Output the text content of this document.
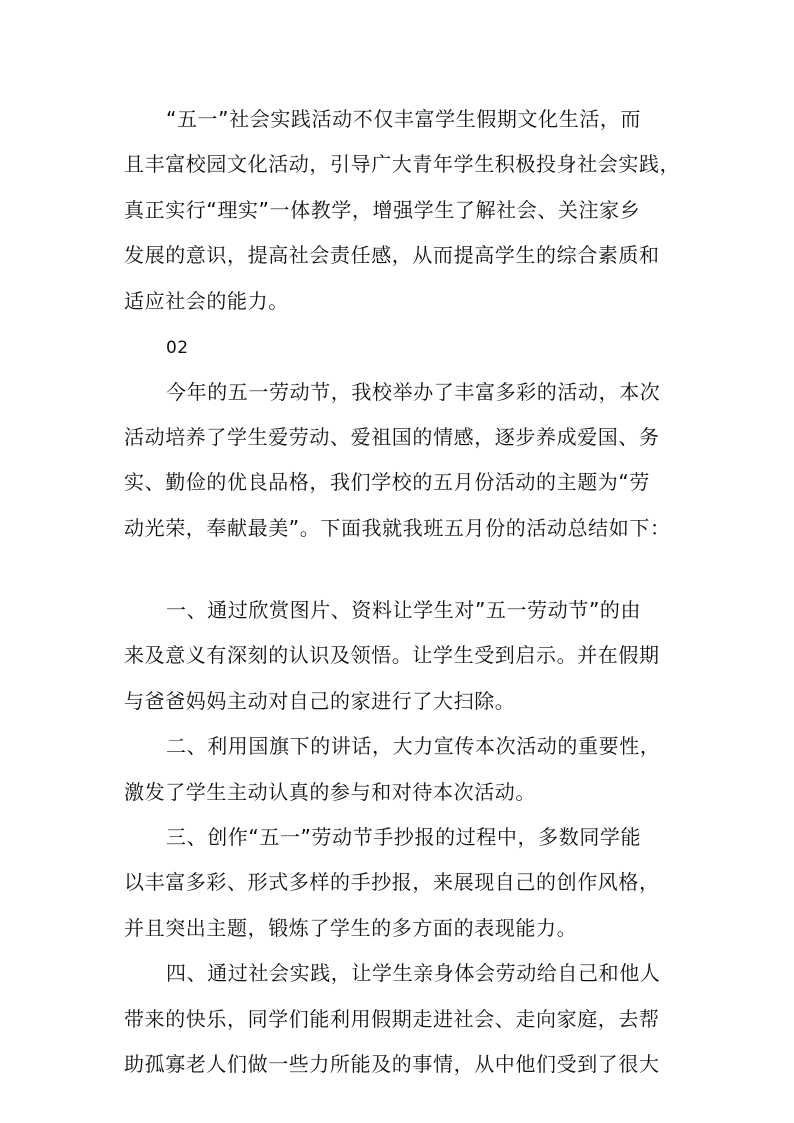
“五一”社会实践活动不仅丰富学生假期文化生活，而
且丰富校园文化活动，引导广大青年学生积极投身社会实践，
真正实行“理实”一体教学，增强学生了解社会、关注家乡
发展的意识，提高社会责任感，从而提高学生的综合素质和
适应社会的能力。
02
今年的五一劳动节，我校举办了丰富多彩的活动，本次
活动培养了学生爱劳动、爱祖国的情感，逐步养成爱国、务
实、勤俭的优良品格，我们学校的五月份活动的主题为“劳
动光荣，奉献最美”。下面我就我班五月份的活动总结如下：
一、通过欣赏图片、资料让学生对”五一劳动节”的由
来及意义有深刻的认识及领悟。让学生受到启示。并在假期
与爸爸妈妈主动对自己的家进行了大扫除。
二、利用国旗下的讲话，大力宣传本次活动的重要性，
激发了学生主动认真的参与和对待本次活动。
三、创作“五一”劳动节手抄报的过程中，多数同学能
以丰富多彩、形式多样的手抄报，来展现自己的创作风格，
并且突出主题，锻炼了学生的多方面的表现能力。
四、通过社会实践，让学生亲身体会劳动给自己和他人
带来的快乐，同学们能利用假期走进社会、走向家庭，去帮
助孤寡老人们做一些力所能及的事情，从中他们受到了很大
